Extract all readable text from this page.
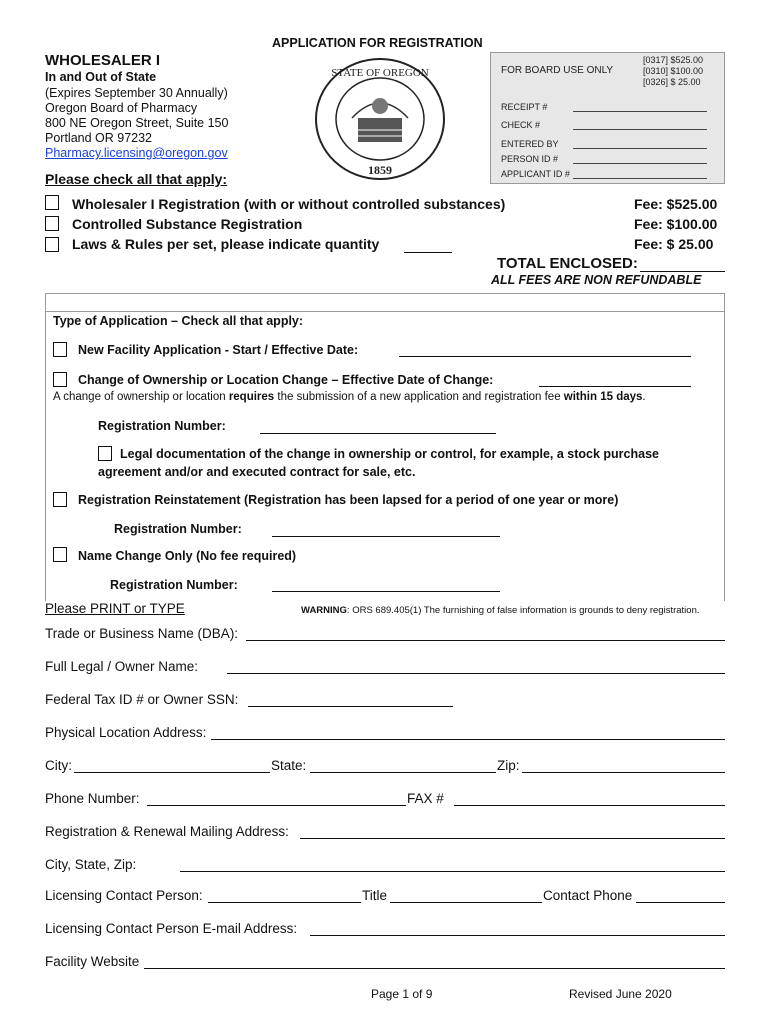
APPLICATION FOR REGISTRATION
WHOLESALER I
In and Out of State
(Expires September 30 Annually)
Oregon Board of Pharmacy
800 NE Oregon Street, Suite 150
Portland OR 97232
Pharmacy.licensing@oregon.gov
STATE OF OREGON
1859
FOR BOARD USE ONLY
[0317] $525.00
[0310] $100.00
[0326] $ 25.00
RECEIPT #
CHECK #
ENTERED BY
PERSON ID #
APPLICANT ID #
Please check all that apply:
Wholesaler I Registration (with or without controlled substances)	Fee: $525.00
Controlled Substance Registration	Fee: $100.00
Laws & Rules per set, please indicate quantity	Fee: $ 25.00
TOTAL ENCLOSED:
ALL FEES ARE NON REFUNDABLE
Type of Application – Check all that apply:
New Facility Application - Start / Effective Date:
Change of Ownership or Location Change – Effective Date of Change:
A change of ownership or location requires the submission of a new application and registration fee within 15 days.
Registration Number:
Legal documentation of the change in ownership or control, for example, a stock purchase
agreement and/or and executed contract for sale, etc.
Registration Reinstatement (Registration has been lapsed for a period of one year or more)
Registration Number:
Name Change Only (No fee required)
Registration Number:
Please PRINT or TYPE	WARNING: ORS 689.405(1) The furnishing of false information is grounds to deny registration.
Trade or Business Name (DBA):
Full Legal / Owner Name:
Federal Tax ID # or Owner SSN:
Physical Location Address:
City:	State:	Zip:
Phone Number:	FAX #
Registration & Renewal Mailing Address:
City, State, Zip:
Licensing Contact Person:	Title	Contact Phone
Licensing Contact Person E-mail Address:
Facility Website
Page 1 of 9	Revised June 2020
